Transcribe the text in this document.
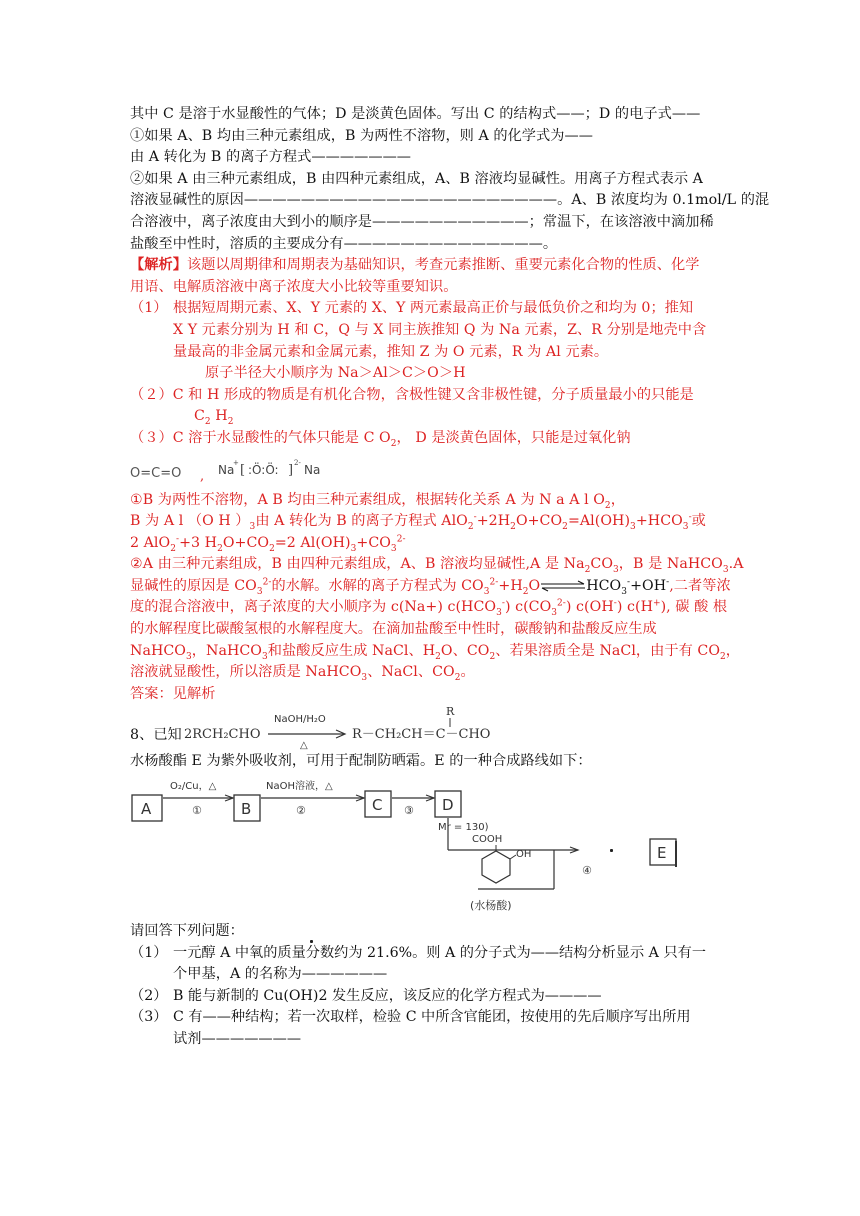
其中 C 是溶于水显酸性的气体；D 是淡黄色固体。写出 C 的结构式——；D 的电子式——
①如果 A、B 均由三种元素组成，B 为两性不溶物，则 A 的化学式为——
由 A 转化为 B 的离子方程式———————
②如果 A 由三种元素组成，B 由四种元素组成，A、B 溶液均显碱性。用离子方程式表示 A
溶液显碱性的原因——————————————————————。A、B 浓度均为 0.1mol/L 的混
合溶液中，离子浓度由大到小的顺序是———————————；常温下，在该溶液中滴加稀
盐酸至中性时，溶质的主要成分有——————————————。
【解析】该题以周期律和周期表为基础知识，考查元素推断、重要元素化合物的性质、化学
用语、电解质溶液中离子浓度大小比较等重要知识。
（1） 根据短周期元素、X、Y 元素的 X、Y 两元素最高正价与最低负价之和均为 0；推知
X Y 元素分别为 H 和 C，Q 与 X 同主族推知 Q 为 Na 元素，Z、R 分别是地壳中含
量最高的非金属元素和金属元素，推知 Z 为 O 元素，R 为 Al 元素。
原子半径大小顺序为 Na＞Al＞C＞O＞H
（２）C 和 H 形成的物质是有机化合物，含极性键又含非极性键，分子质量最小的只能是
$C_2$ $H_2$
（３）C 溶于水显酸性的气体只能是 C $O_2$， D 是淡黄色固体，只能是过氧化钠
O=C=O , Na
+ [ :Ö:Ö: ] 2- Na
①B 为两性不溶物，A B 均由三种元素组成，根据转化关系 A 为 N a A l $O_2$，
B 为 A l （O H ）$_3$由 A 转化为 B 的离子方程式 $AlO_2^-+2H_2O+CO_2=Al(OH)_3+HCO_3^-$或
2 AlO$_2$-+3 $H_2O+CO_2=2$ $Al(OH)_3+CO_3^{2-}$
②A 由三种元素组成，B 由四种元素组成，A、B 溶液均显碱性,A 是 $Na_2CO_3$，B 是 NaHCO$_3$.A
显碱性的原因是 $CO_3^{2-}$的水解。水解的离子方程式为 $CO_3^{2-}+H_2O\rightleftharpoons HCO_3^-+OH^-$,二者等浓
度的混合溶液中，离子浓度的大小顺序为 c(Na+) $c(HCO_3^-)$ $c(CO_3^{2-})$ c(OH-) c(H+), 碳 酸 根
的水解程度比碳酸氢根的水解程度大。在滴加盐酸至中性时，碳酸钠和盐酸反应生成
NaHCO$_3$，NaHCO$_3$和盐酸反应生成 NaCl、$H_2O$、$CO_2$、若果溶质全是 NaCl，由于有 $CO_2$，
溶液就显酸性，所以溶质是 NaHCO$_3$、NaCl、$CO_2$。
答案：见解析
8、已知 2RCH₂CHO
NaOH/H₂O
△
R－CH₂CH＝C－CHO
R
水杨酸酯 E 为紫外吸收剂，可用于配制防晒霜。E 的一种合成路线如下：
A
O₂/Cu，△
①	B
NaOH溶液，△
②	C ③ D
Mr = 130)
④
E
COOH
OH
(水杨酸)
请回答下列问题：
（1） 一元醇 A 中氧的质量分数约为 21.6%。则 A 的分子式为——结构分析显示 A 只有一
个甲基，A 的名称为——————
（2） B 能与新制的 Cu(OH)2 发生反应，该反应的化学方程式为————
（3） C 有——种结构；若一次取样，检验 C 中所含官能团，按使用的先后顺序写出所用
试剂———————
